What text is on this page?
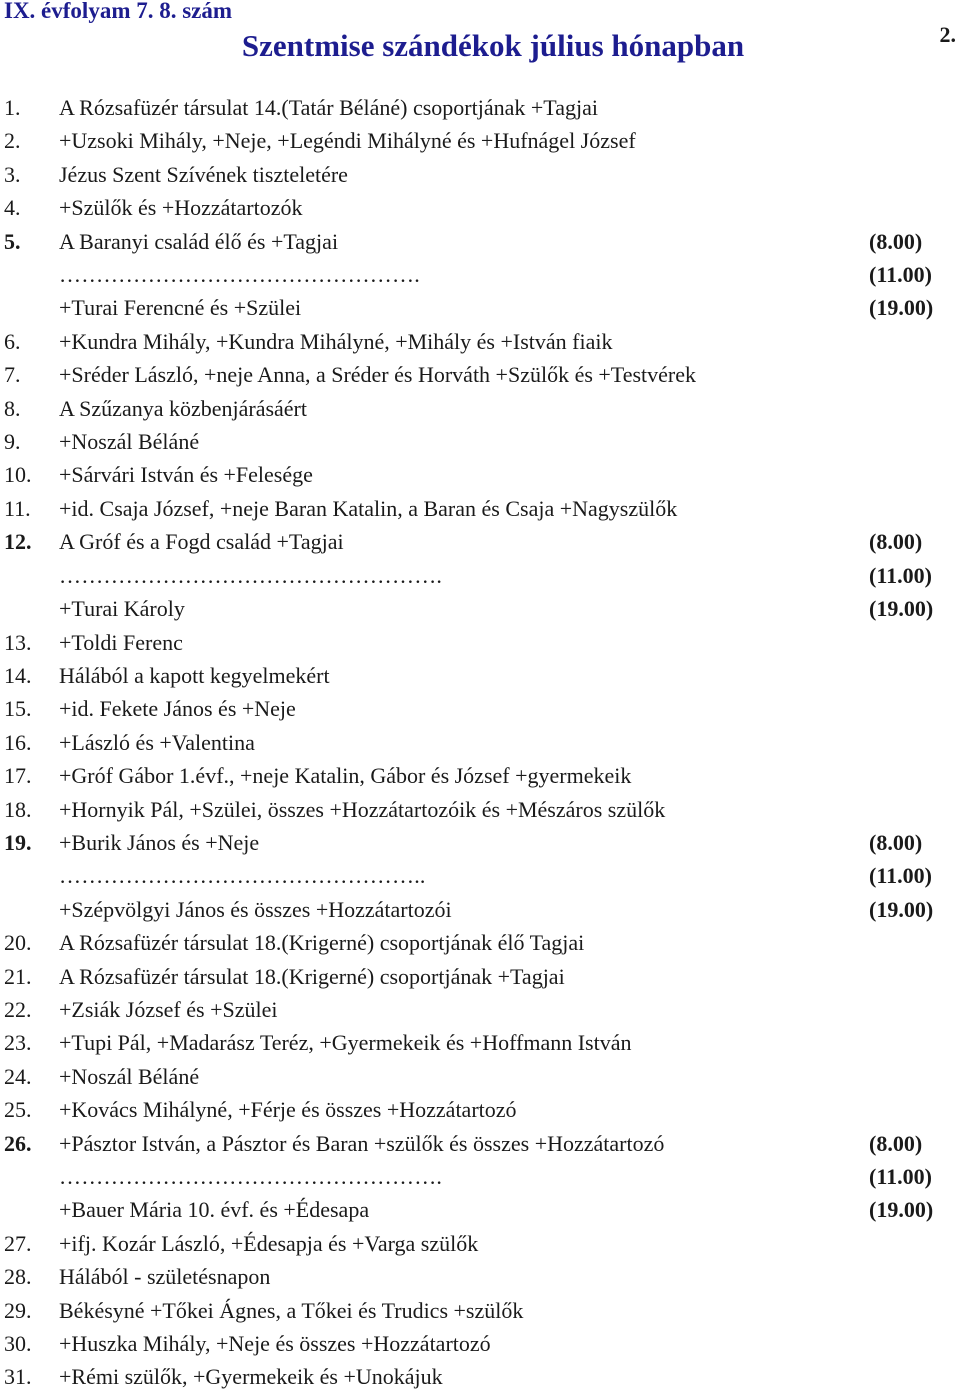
IX. évfolyam 7. 8. szám
Szentmise szándékok július hónapban	2.
1. A Rózsafüzér társulat 14.(Tatár Béláné) csoportjának +Tagjai
2. +Uzsoki Mihály, +Neje, +Legéndi Mihályné és +Hufnágel József
3. Jézus Szent Szívének tiszteletére
4. +Szülők és +Hozzátartozók
5. A Baranyi család élő és +Tagjai	(8.00)
………………………………………….	(11.00)
+Turai Ferencné és +Szülei	(19.00)
6. +Kundra Mihály, +Kundra Mihályné, +Mihály és +István fiaik
7. +Sréder László, +neje Anna, a Sréder és Horváth +Szülők és +Testvérek
8. A Szűzanya közbenjárásáért
9. +Noszál Béláné
10. +Sárvári István és +Felesége
11. +id. Csaja József, +neje Baran Katalin, a Baran és Csaja +Nagyszülők
12. A Gróf és a Fogd család +Tagjai	(8.00)
…………………………………………….	(11.00)
+Turai Károly	(19.00)
13. +Toldi Ferenc
14. Hálából a kapott kegyelmekért
15. +id. Fekete János és +Neje
16. +László és +Valentina
17. +Gróf Gábor 1.évf., +neje Katalin, Gábor és József +gyermekeik
18. +Hornyik Pál, +Szülei, összes +Hozzátartozóik és +Mészáros szülők
19. +Burik János és +Neje	(8.00)
…………………………………………..	(11.00)
+Szépvölgyi János és összes +Hozzátartozói	(19.00)
20. A Rózsafüzér társulat 18.(Krigerné) csoportjának élő Tagjai
21. A Rózsafüzér társulat 18.(Krigerné) csoportjának +Tagjai
22. +Zsiák József és +Szülei
23. +Tupi Pál, +Madarász Teréz, +Gyermekeik és +Hoffmann István
24. +Noszál Béláné
25. +Kovács Mihályné, +Férje és összes +Hozzátartozó
26. +Pásztor István, a Pásztor és Baran +szülők és összes +Hozzátartozó	(8.00)
…………………………………………….	(11.00)
+Bauer Mária 10. évf. és +Édesapa	(19.00)
27. +ifj. Kozár László, +Édesapja és +Varga szülők
28. Hálából - születésnapon
29. Békésyné +Tőkei Ágnes, a Tőkei és Trudics +szülők
30. +Huszka Mihály, +Neje és összes +Hozzátartozó
31. +Rémi szülők, +Gyermekeik és +Unokájuk
